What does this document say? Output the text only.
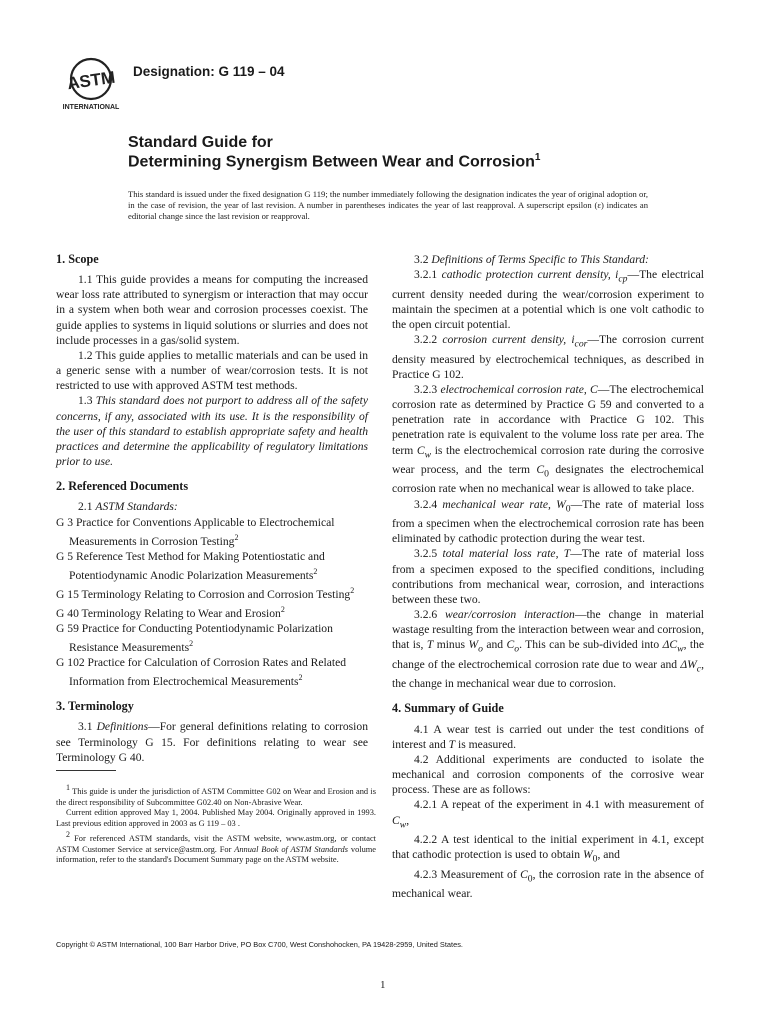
ASTM
INTERNATIONAL
Designation: G 119 – 04
Standard Guide for
Determining Synergism Between Wear and Corrosion$^1$
This standard is issued under the fixed designation G 119; the number immediately following the designation indicates the year of original adoption or, in the case of revision, the year of last revision. A number in parentheses indicates the year of last reapproval. A superscript epsilon (ε) indicates an editorial change since the last revision or reapproval.
1. Scope

1.1 This guide provides a means for computing the increased wear loss rate attributed to synergism or interaction that may occur in a system when both wear and corrosion processes coexist. The guide applies to systems in liquid solutions or slurries and does not include processes in a gas/solid system.

1.2 This guide applies to metallic materials and can be used in a generic sense with a number of wear/corrosion tests. It is not restricted to use with approved ASTM test methods.

1.3 This standard does not purport to address all of the safety concerns, if any, associated with its use. It is the responsibility of the user of this standard to establish appropriate safety and health practices and determine the applicability of regulatory limitations prior to use.

2. Referenced Documents

2.1 ASTM Standards:

G 3 Practice for Conventions Applicable to Electrochemical Measurements in Corrosion Testing$^2$

G 5 Reference Test Method for Making Potentiostatic and Potentiodynamic Anodic Polarization Measurements$^2$

G 15 Terminology Relating to Corrosion and Corrosion Testing$^2$

G 40 Terminology Relating to Wear and Erosion$^2$

G 59 Practice for Conducting Potentiodynamic Polarization Resistance Measurements$^2$

G 102 Practice for Calculation of Corrosion Rates and Related Information from Electrochemical Measurements$^2$

3. Terminology

3.1 Definitions—For general definitions relating to corrosion see Terminology G 15. For definitions relating to wear see Terminology G 40.

$^1$ This guide is under the jurisdiction of ASTM Committee G02 on Wear and Erosion and is the direct responsibility of Subcommittee G02.40 on Non-Abrasive Wear.

Current edition approved May 1, 2004. Published May 2004. Originally approved in 1993. Last previous edition approved in 2003 as G 119 – 03 .

$^2$ For referenced ASTM standards, visit the ASTM website, www.astm.org, or contact ASTM Customer Service at service@astm.org. For Annual Book of ASTM Standards volume information, refer to the standard's Document Summary page on the ASTM website.

3.2 Definitions of Terms Specific to This Standard:

3.2.1 cathodic protection current density, $i_{cp}—The$ electrical current density needed during the wear/corrosion experiment to maintain the specimen at a potential which is one volt cathodic to the open circuit potential.

3.2.2 corrosion current density, $i_{cor}—The$ corrosion current density measured by electrochemical techniques, as described in Practice G 102.

3.2.3 electrochemical corrosion rate, C—The electrochemical corrosion rate as determined by Practice G 59 and converted to a penetration rate in accordance with Practice G 102. This penetration rate is equivalent to the volume loss rate per area. The term $C_w$ is the electrochemical corrosion rate during the corrosive wear process, and the term $C_0$ designates the electrochemical corrosion rate when no mechanical wear is allowed to take place.

3.2.4 mechanical wear rate, $W_0—The$ rate of material loss from a specimen when the electrochemical corrosion rate has been eliminated by cathodic protection during the wear test.

3.2.5 total material loss rate, T—The rate of material loss from a specimen exposed to the specified conditions, including contributions from mechanical wear, corrosion, and interactions between these two.

3.2.6 wear/corrosion interaction—the change in material wastage resulting from the interaction between wear and corrosion, that is, T minus $W_o$ and $C_o$. This can be sub-divided into $\Delta C_w$, the change of the electrochemical corrosion rate due to wear and $\Delta W_c$, the change in mechanical wear due to corrosion.

4. Summary of Guide

4.1 A wear test is carried out under the test conditions of interest and T is measured.

4.2 Additional experiments are conducted to isolate the mechanical and corrosion components of the corrosive wear process. These are as follows:

4.2.1 A repeat of the experiment in 4.1 with measurement of $C_w$,

4.2.2 A test identical to the initial experiment in 4.1, except that cathodic protection is used to obtain $W_0$, and

4.2.3 Measurement of $C_0$, the corrosion rate in the absence of mechanical wear.

Copyright © ASTM International, 100 Barr Harbor Drive, PO Box C700, West Conshohocken, PA 19428-2959, United States.
1
